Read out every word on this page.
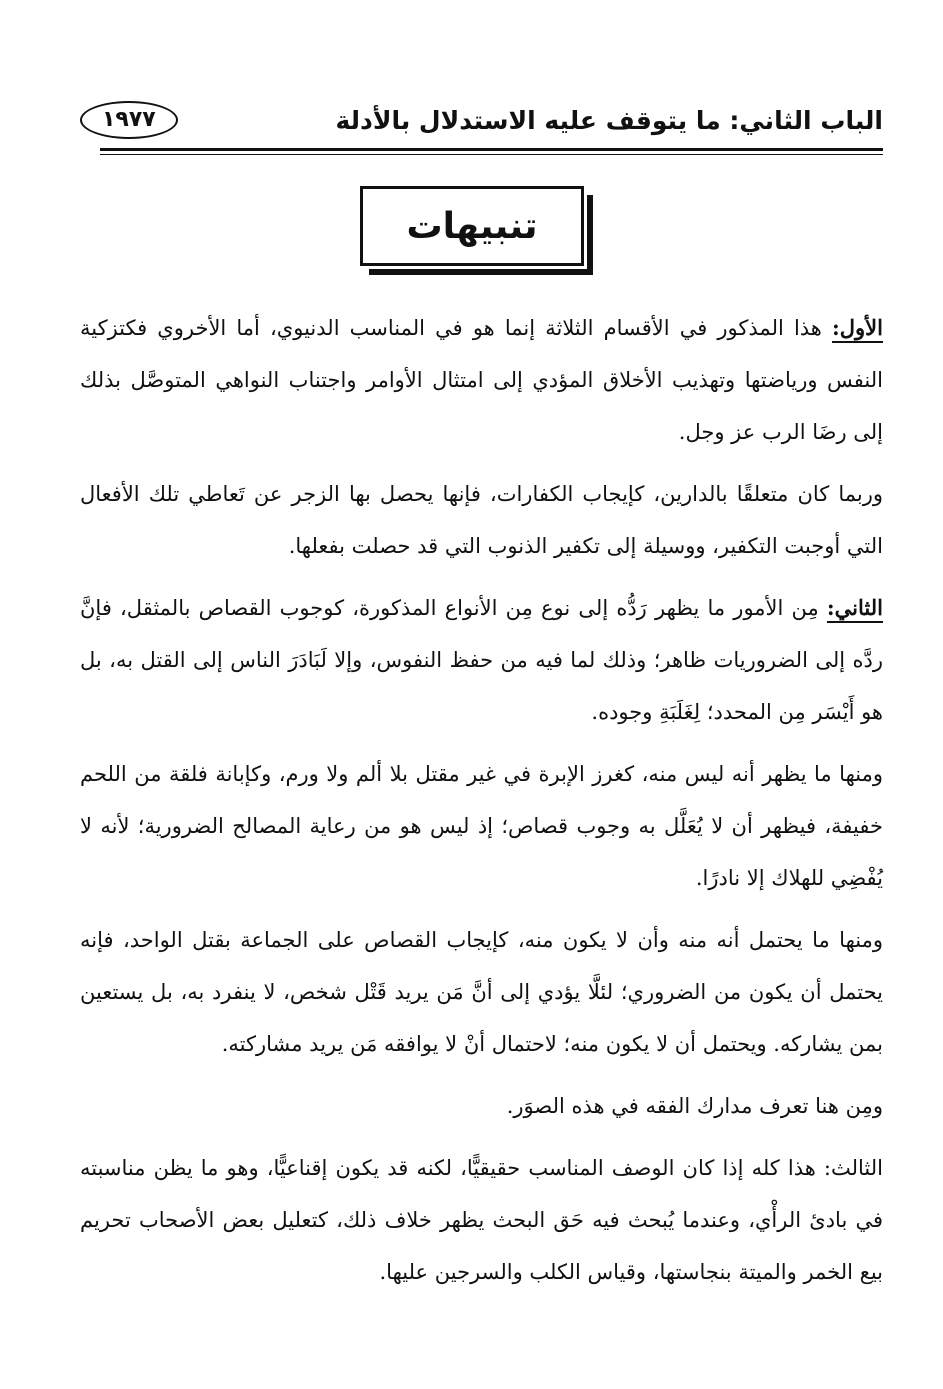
الباب الثاني: ما يتوقف عليه الاستدلال بالأدلة
١٩٧٧
تنبيهات

الأول: هذا المذكور في الأقسام الثلاثة إنما هو في المناسب الدنيوي، أما الأخروي فكتزكية النفس ورياضتها وتهذيب الأخلاق المؤدي إلى امتثال الأوامر واجتناب النواهي المتوصَّل بذلك إلى رضَا الرب عز وجل.

وربما كان متعلقًا بالدارين، كإيجاب الكفارات، فإنها يحصل بها الزجر عن تَعاطي تلك الأفعال التي أوجبت التكفير، ووسيلة إلى تكفير الذنوب التي قد حصلت بفعلها.

الثاني: مِن الأمور ما يظهر رَدُّه إلى نوع مِن الأنواع المذكورة، كوجوب القصاص بالمثقل، فإنَّ ردَّه إلى الضروريات ظاهر؛ وذلك لما فيه من حفظ النفوس، وإلا لَبَادَرَ الناس إلى القتل به، بل هو أَيْسَر مِن المحدد؛ لِغَلَبَةِ وجوده.

ومنها ما يظهر أنه ليس منه، كغرز الإبرة في غير مقتل بلا ألم ولا ورم، وكإبانة فلقة من اللحم خفيفة، فيظهر أن لا يُعَلَّل به وجوب قصاص؛ إذ ليس هو من رعاية المصالح الضرورية؛ لأنه لا يُفْضِي للهلاك إلا نادرًا.

ومنها ما يحتمل أنه منه وأن لا يكون منه، كإيجاب القصاص على الجماعة بقتل الواحد، فإنه يحتمل أن يكون من الضروري؛ لئلَّا يؤدي إلى أنَّ مَن يريد قَتْل شخص، لا ينفرد به، بل يستعين بمن يشاركه. ويحتمل أن لا يكون منه؛ لاحتمال أنْ لا يوافقه مَن يريد مشاركته.

ومِن هنا تعرف مدارك الفقه في هذه الصوَر.

الثالث: هذا كله إذا كان الوصف المناسب حقيقيًّا، لكنه قد يكون إقناعيًّا، وهو ما يظن مناسبته في بادئ الرأْي، وعندما يُبحث فيه حَق البحث يظهر خلاف ذلك، كتعليل بعض الأصحاب تحريم بيع الخمر والميتة بنجاستها، وقياس الكلب والسرجين عليها.
